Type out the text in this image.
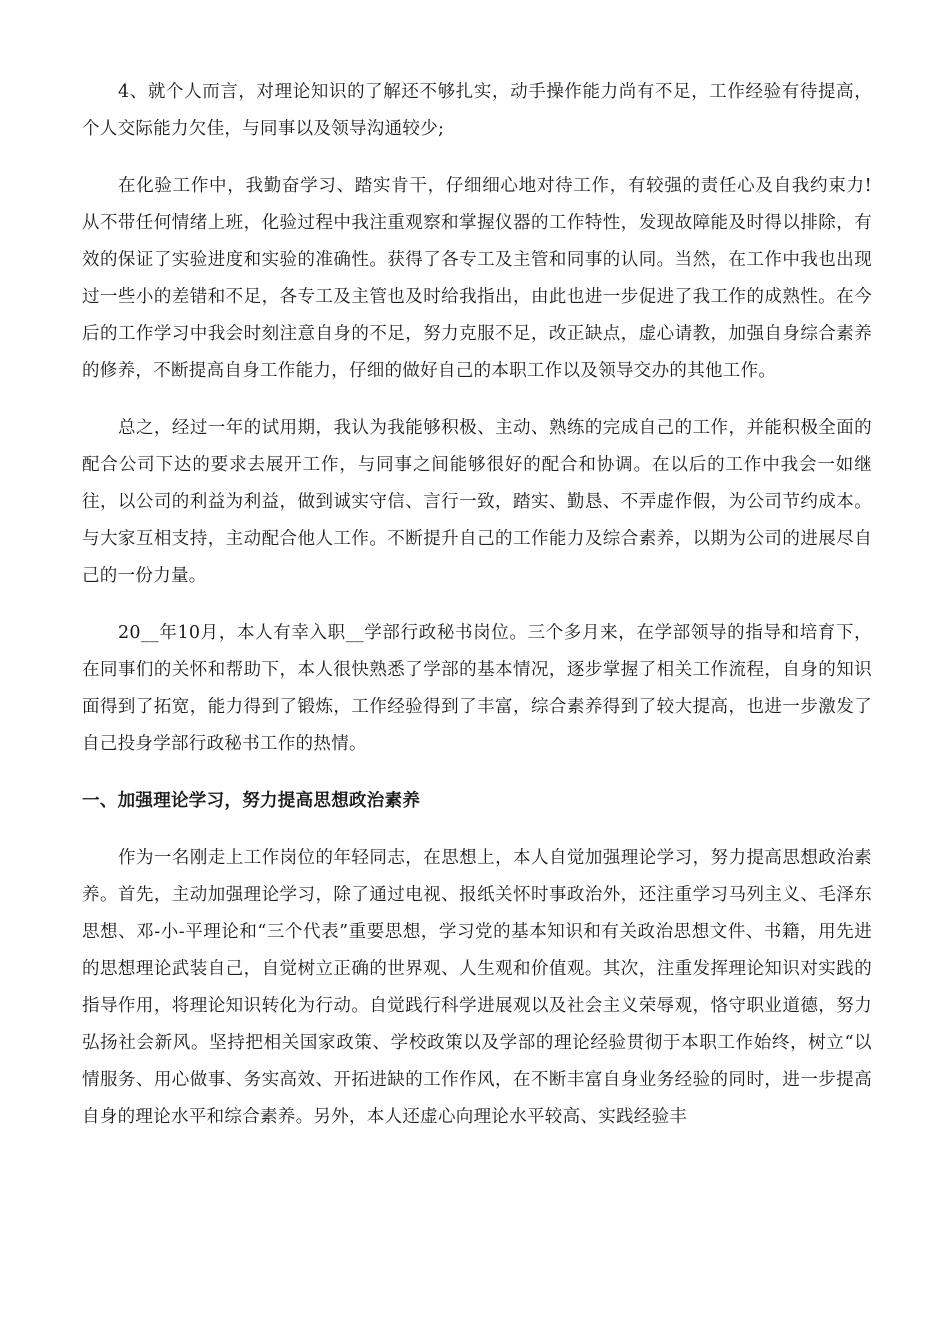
4、就个人而言，对理论知识的了解还不够扎实，动手操作能力尚有不足，工作经验有待提高，个人交际能力欠佳，与同事以及领导沟通较少;

在化验工作中，我勤奋学习、踏实肯干，仔细细心地对待工作，有较强的责任心及自我约束力!从不带任何情绪上班，化验过程中我注重观察和掌握仪器的工作特性，发现故障能及时得以排除，有效的保证了实验进度和实验的准确性。获得了各专工及主管和同事的认同。当然，在工作中我也出现过一些小的差错和不足，各专工及主管也及时给我指出，由此也进一步促进了我工作的成熟性。在今后的工作学习中我会时刻注意自身的不足，努力克服不足，改正缺点，虚心请教，加强自身综合素养的修养，不断提高自身工作能力，仔细的做好自己的本职工作以及领导交办的其他工作。

总之，经过一年的试用期，我认为我能够积极、主动、熟练的完成自己的工作，并能积极全面的配合公司下达的要求去展开工作，与同事之间能够很好的配合和协调。在以后的工作中我会一如继往，以公司的利益为利益，做到诚实守信、言行一致，踏实、勤恳、不弄虚作假，为公司节约成本。与大家互相支持，主动配合他人工作。不断提升自己的工作能力及综合素养，以期为公司的进展尽自己的一份力量。

20__年10月，本人有幸入职__学部行政秘书岗位。三个多月来，在学部领导的指导和培育下，在同事们的关怀和帮助下，本人很快熟悉了学部的基本情况，逐步掌握了相关工作流程，自身的知识面得到了拓宽，能力得到了锻炼，工作经验得到了丰富，综合素养得到了较大提高，也进一步激发了自己投身学部行政秘书工作的热情。

一、加强理论学习，努力提高思想政治素养

作为一名刚走上工作岗位的年轻同志，在思想上，本人自觉加强理论学习，努力提高思想政治素养。首先，主动加强理论学习，除了通过电视、报纸关怀时事政治外，还注重学习马列主义、毛泽东思想、邓-小-平理论和“三个代表”重要思想，学习党的基本知识和有关政治思想文件、书籍，用先进的思想理论武装自己，自觉树立正确的世界观、人生观和价值观。其次，注重发挥理论知识对实践的指导作用，将理论知识转化为行动。自觉践行科学进展观以及社会主义荣辱观，恪守职业道德，努力弘扬社会新风。坚持把相关国家政策、学校政策以及学部的理论经验贯彻于本职工作始终，树立“以情服务、用心做事、务实高效、开拓进缺的工作作风，在不断丰富自身业务经验的同时，进一步提高自身的理论水平和综合素养。另外，本人还虚心向理论水平较高、实践经验丰
